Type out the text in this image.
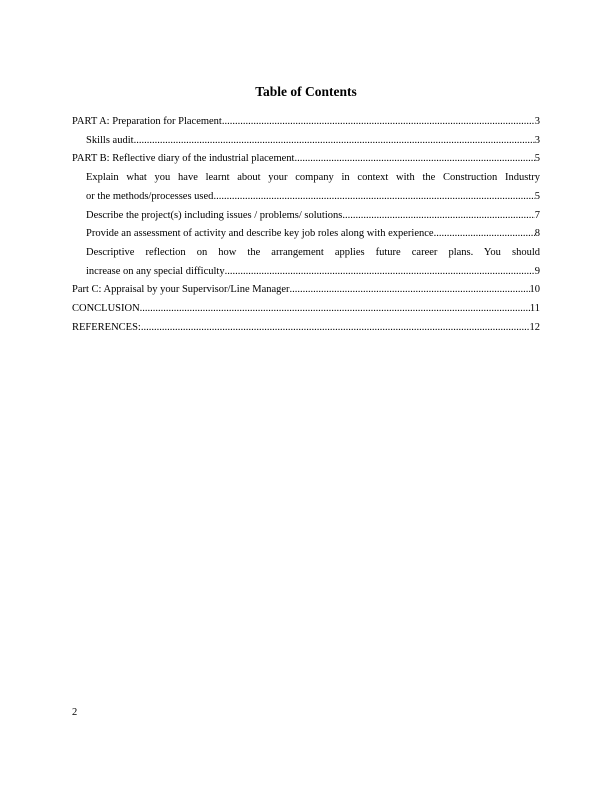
Table of Contents
PART A: Preparation for Placement .....	3
Skills audit .....	3
PART B: Reflective diary of the industrial placement .....	5
Explain what you have learnt about your company in context with the Construction Industry
or the methods/processes used .....	5
Describe the project(s) including issues / problems/ solutions .....	7
Provide an assessment of activity and describe key job roles along with experience .....	8
Descriptive reflection on how the arrangement applies future career plans. You should
increase on any special difficulty .....	9
Part C: Appraisal by your Supervisor/Line Manager .....	10
CONCLUSION .....	11
REFERENCES: .....	12
2
